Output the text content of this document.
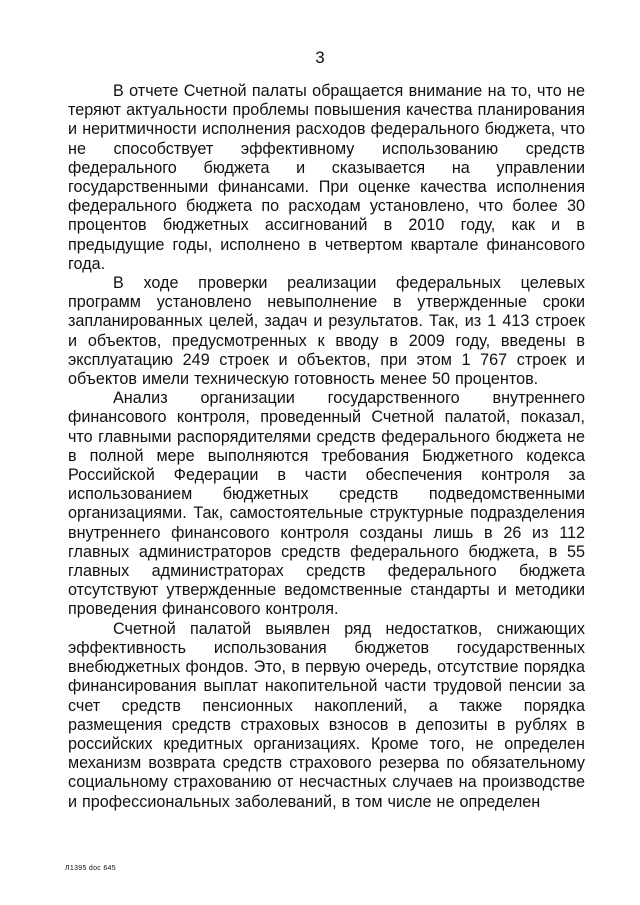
3

В отчете Счетной палаты обращается внимание на то, что не теряют актуальности проблемы повышения качества планирования и неритмичности исполнения расходов федерального бюджета, что не способствует эффективному использованию средств федерального бюджета и сказывается на управлении государственными финансами. При оценке качества исполнения федерального бюджета по расходам установлено, что более 30 процентов бюджетных ассигнований в 2010 году, как и в предыдущие годы, исполнено в четвертом квартале финансового года.

В ходе проверки реализации федеральных целевых программ установлено невыполнение в утвержденные сроки запланированных целей, задач и результатов. Так, из 1 413 строек и объектов, предусмотренных к вводу в 2009 году, введены в эксплуатацию 249 строек и объектов, при этом 1 767 строек и объектов имели техническую готовность менее 50 процентов.

Анализ организации государственного внутреннего финансового контроля, проведенный Счетной палатой, показал, что главными распорядителями средств федерального бюджета не в полной мере выполняются требования Бюджетного кодекса Российской Федерации в части обеспечения контроля за использованием бюджетных средств подведомственными организациями. Так, самостоятельные структурные подразделения внутреннего финансового контроля созданы лишь в 26 из 112 главных администраторов средств федерального бюджета, в 55 главных администраторах средств федерального бюджета отсутствуют утвержденные ведомственные стандарты и методики проведения финансового контроля.

Счетной палатой выявлен ряд недостатков, снижающих эффективность использования бюджетов государственных внебюджетных фондов. Это, в первую очередь, отсутствие порядка финансирования выплат накопительной части трудовой пенсии за счет средств пенсионных накоплений, а также порядка размещения средств страховых взносов в депозиты в рублях в российских кредитных организациях. Кроме того, не определен механизм возврата средств страхового резерва по обязательному социальному страхованию от несчастных случаев на производстве и профессиональных заболеваний, в том числе не определен

Л1395 doc 645
